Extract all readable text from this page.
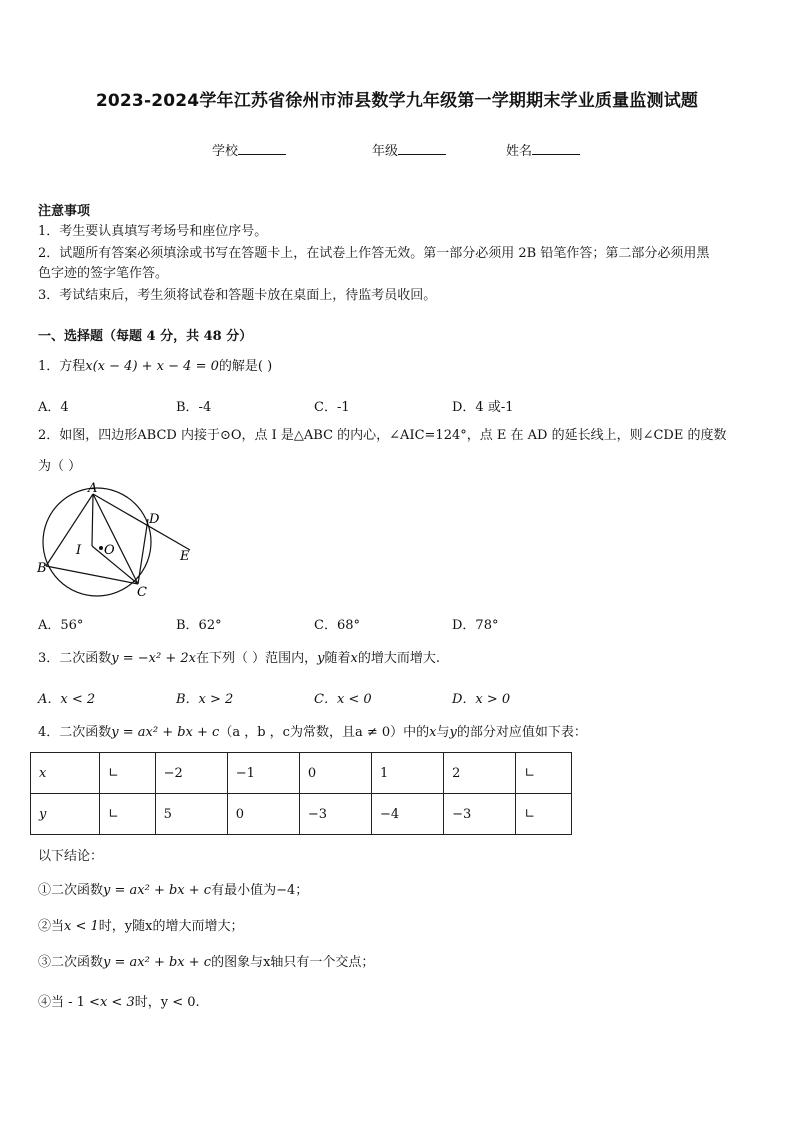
2023-2024学年江苏省徐州市沛县数学九年级第一学期期末学业质量监测试题
学校	年级	姓名
注意事项
1．考生要认真填写考场号和座位序号。
2．试题所有答案必须填涂或书写在答题卡上，在试卷上作答无效。第一部分必须用 2B 铅笔作答；第二部分必须用黑
色字迹的签字笔作答。
3．考试结束后，考生须将试卷和答题卡放在桌面上，待监考员收回。
一、选择题（每题 4 分，共 48 分）
1．方程x(x − 4) + x − 4 = 0的解是( )
A．4	B．-4	C．-1	D．4 或-1
2．如图，四边形ABCD 内接于⊙O，点 I 是△ABC 的内心，∠AIC=124°，点 E 在 AD 的延长线上，则∠CDE 的度数
为（ ）
A
B
C
D
E
I O
A．56°	B．62°	C．68°	D．78°
3．二次函数y = −x² + 2x在下列（ ）范围内，y随着x的增大而增大.
A．x < 2	B．x > 2	C．x < 0	D．x > 0
4．二次函数y = ax² + bx + c（a ，b ，c为常数，且a ≠ 0）中的x与y的部分对应值如下表：
x	∟	−2	−1	0	1	2	∟
y	∟	5	0	−3	−4	−3	∟
以下结论：
①二次函数y = ax² + bx + c有最小值为−4；
②当x < 1时，y随x的增大而增大；
③二次函数y = ax² + bx + c的图象与x轴只有一个交点；
④当 - 1 <x < 3时，y < 0.
